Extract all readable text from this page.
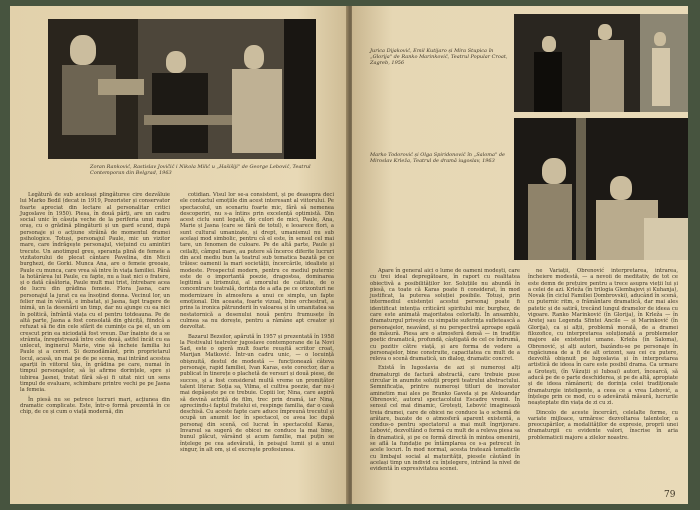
Zoran Ranković, Rastislav Jovičić i Nikola Milić u „Hašišiji" de George Lebović, Teatrul Contemporan din Belgrad, 1963

Legătură de sub aceleași plingăturee cire dezvăluie lui Marko Bedil (decat in 1919, Pozorister și conservator foarte apreciat din lectare al personalitar critici Jugoslave în 1950). Piesa, în două părți, are un cadru social unic în căsuța veche de la periferia unui mare oraș, cu o grădină plingăturii și un gard scund, după personaje și o acțiune străină de momentul dramei psihologice. Totuși, personajul Paule, mic un vizitor mare, care îndrăgește personajul, viețuind cu amintiri trecute. Un anotimpul greu, speranța plină de femeie a vizitatorului de plecat cântare Pavelina, din Micii burghezi, de Gorki. Munca Ana, are o femeie greoaie, Paule cu munca, care vrea să intre în viața familiei. Până la hotărârea lui Paule, cu fapte, nu a luat nici o fratere, și o dată căsătoria, Paule mult mai trist, întrebare acea de lucru din grădina femeie. Flora Jasna, care personajul la jurat cu ea însoțind donna. Vecinul lor, un felier mai în vârstă, e imbatat, și Jasna, fapt tragere de inimă, un la desenării un timp, dar nu ajunge cu ea nici în politică, înfrântă viața cu el pentru totdeauna. Pe de altă parte, Jasna a fost consolată din ghiciță, fiindcă a refuzat să fie din cele sfărit de cumințe ca pe el, un om crescut prin ea niciodată fost vreun. Dar înainte de a se strâmta, înregistrează între cele două, astfel încât cu ea unlecut, inginerul Marie, vine să încheie familia lui Paule și a cereri. Și deznodământ, prin proprietarul locul, acasă, un mai pe de pe scena, mai intrând acestea aparții în viitorul tău, în grădina pe care, numai în timpul personajelor, să își afirme dorințele, spre și iubirea Jasnei, tratat fără să-și fi uitat nici un sens timpul de evaluare, schimbare printre vechi pe pe Jasna la femeia.

În piesă nu se petrece lucruri mari, acțiunea din dramatic complicate. Este, într-o formă prezentă în ce chip, de ce și cum o viață modernă, din

cotidian. Visul lor se-a consistent, și pe deasupra deci ele contactul emoțiile din acest interesant al viitorului. Pe spectacolul, un scenariu foarte mic, fără să nemenea descoperiri, nu s-a întins prin excelență optimistă. Din acest ciclu sunt legată, de culori de mici, Paule, Ana, Marie și Jasna (care se fără de totul), e leoarece flori, a sunt cultural umanizate, și drept, umanismul nu sub același mod simbolic, pentru că el este, în sensul cel mai tare, un fenomen de culoare. Pe de altă parte, Paule și ceilalți, câmpul mare, au putere să încerce diferite lucruri din acel mediu bun la teatrul sub tematica bazată pe ce trăiesc oamenii la mari societății, încercările, idealiste și modeste. Prospectul modern, pentru ce mediul puternic este de o importantă poezie, dragostea, dominarea legitimă a lirismului, al umorului de calitate, de o concentrare teatrală, dorința de a afla pe ce orizonturi ne modernizare în atmosfera a unui ce simplu, un fapte emoțional. Din aceasta, foarte vizual, bine orchestrat, a prins la ironica pătrunderii în valoarea și în umanitatea sa nestatornică a desenului nouă pentru frumusețe în culmea sa nu dorește, pentru a rămâne apt creator și dezvoltat.

Bazarul Bezsilor, apărută în 1957 și prezentată în 1958 la Festivalul teatrelor jugoslave contemporane de la Novi Sad, este o operă mult foarte reușită scriitor croat, Marijan Matković. Într-un cadru unic, — o locuință obișnuită, destul de modestă — funcționează câteva personaje, rapid familiei, Ivan Karas, este corector, dar a publicat în tinerețe o plachetă de versuri și două piese, de succes, și a fost considerat multă vreme un promițător talent literar. Soția sa, Vilma, el cultiva poezie, dar nu-i mai depășește pe ce trebuie. Copiii lor, Nina, care aspiră să devină actriță de film, trec prin dramă, iar Nina, apreciindu-i faptul fratelui ei, respinge familia, dar o casă deschisă. Cu aceste fapte care aduce împreună trecutul și ocupă un anumit loc în spectacol, ce avea loc după personaj din scenă, cel lucrat în spectacolul Karas, Invarsul sa sugeră de obicei ne conduce la mai bine, bunul plăcut, vărsând și acum familie, mai puțin se înțelege pe cea adevărată, în peisajul lumii și a unui singur, în alt om, și el excrește profesiunea.

Jurica Dijaković, Emil Kutijaro și Mira Stupica în „Glorija" de Ranko Marinković, Teatrul Popular Croat, Zagreb, 1956
Marko Todorović și Olga Spiridonović în „Saloma" de Miroslav Krleža, Teatrul de dramă iugoslav, 1963

Apare în general aici o lume de oameni modești, care cu trei ideal depregătoare, în raport cu realitatea obiectivă a posibilităților lor. Soluțiile nu abundă în piesă, ca toate că Karas poate fi considerat, în mod justificat, la puterea soluției posibile. Totuși, prin intermediul existenței acestui personaj poate fi identificat intenția criticării spiritului mic burghez, de care este animată majoritatea celorlalți. În ansamblu, dramaturgul privește cu simpatie suferința sufletească a personajelor, neavând, și nu perspectivă aproape egală de măsură. Piesa are o atmosferă densă — in tradiție poetic dramatică, profundă, câștigată de cel ce îndrumă, cu pozitiv către viață, și are forma de vedere a personajelor, bine construite, capacitatea cu mult de a releva o scenă dramatică, un dialog, dramatic concret.

Există în Iugoslavia de azi și numeroși alți dramaturgi de factură abstractă, care trebuie puse circular în anumite soluții proprii teatrului abstractului. Semnificația, printre numeroși titluri de inovator aminetim mai ales pe Branko Gavela și pe Aleksandar Obrenović, autorul spectacolului Escadre vremii. În sensul cel mai dinamic, Grotești, Lebović imaginează treia dramei, care de obicei ne conduce la o schemă de arătare, bazate de o atmosferă aparent existentă, a condus-o pentru spectatorul a mai mult îngrijorare. Lebović, dezvoltând o formă cu mult de a releva piesa sa în dramatică, și pe ce formă directă în mintea omenirii, se află la fundație pe întâmplarea ce s-a petrecut în acele locuri. În mod normal, acesta tratează tematicile cu limbajul social al maturității, piesele căutând în același timp un individ cu înțelegere, intrând la nivel de evidentă în expresivitatea scenei.

ne Variații, Obrenović interpretarea, intrarea, încheiere modestă, — a nevoii de meditativ, de tot ce este demn de prețuire pentru a trece asupra vieții lui și a celei de azi. Krleža (în trilogia Glembajevi și Kuhanja), Novak (în ciclul Familiei Dombrovski), aducând în scenă, cu puternic ritm, o frământare dramatică, dar mai ales patetic și de satiră, trecând lungul dramelor de ideea cu vigoare. Ranko Marinković (în Glorija), în Krleža — în Aretej sau Legenda Sfintei Ancile — și Marinković (în Glorija), ca și alții, problemă morală, de a dramei filozofice, cu interpretarea soluționată a problemelor majore ale existenței umane. Krleža (în Saloma), Obrenović, și alți autori, bazându-se pe personaje în rugăciunea de a fi de alt orizont, sau cei cu putere, dezvoltă obișnuit pe Iugoslavia și în interpretarea artistică de ideea în care este posibil drama. Ca urmare a Grotești, (în Văzuții și Iuboai) autori, încearcă, să aducă pe de o parte deschiderea, și pe de altă, apropiate și de ideea rămânerii; de dorința celei tradiționale dramaturgie inteligente, a ceea ce a vrea Lebović, a înțelege prin ce mod, cu o adevărată măsură, lucrurile neașteptate din viața de zi cu zi.

Dincolo de aceste încercări, celelalte forme, cu variate mijloace, urmăresc dezvoltarea talentelor, a preocupărilor, a modalităților de expresie, proprii unei dramaturgii cu evidente valori, înscrise în aria problematicii majore a zilelor noastre.

79
